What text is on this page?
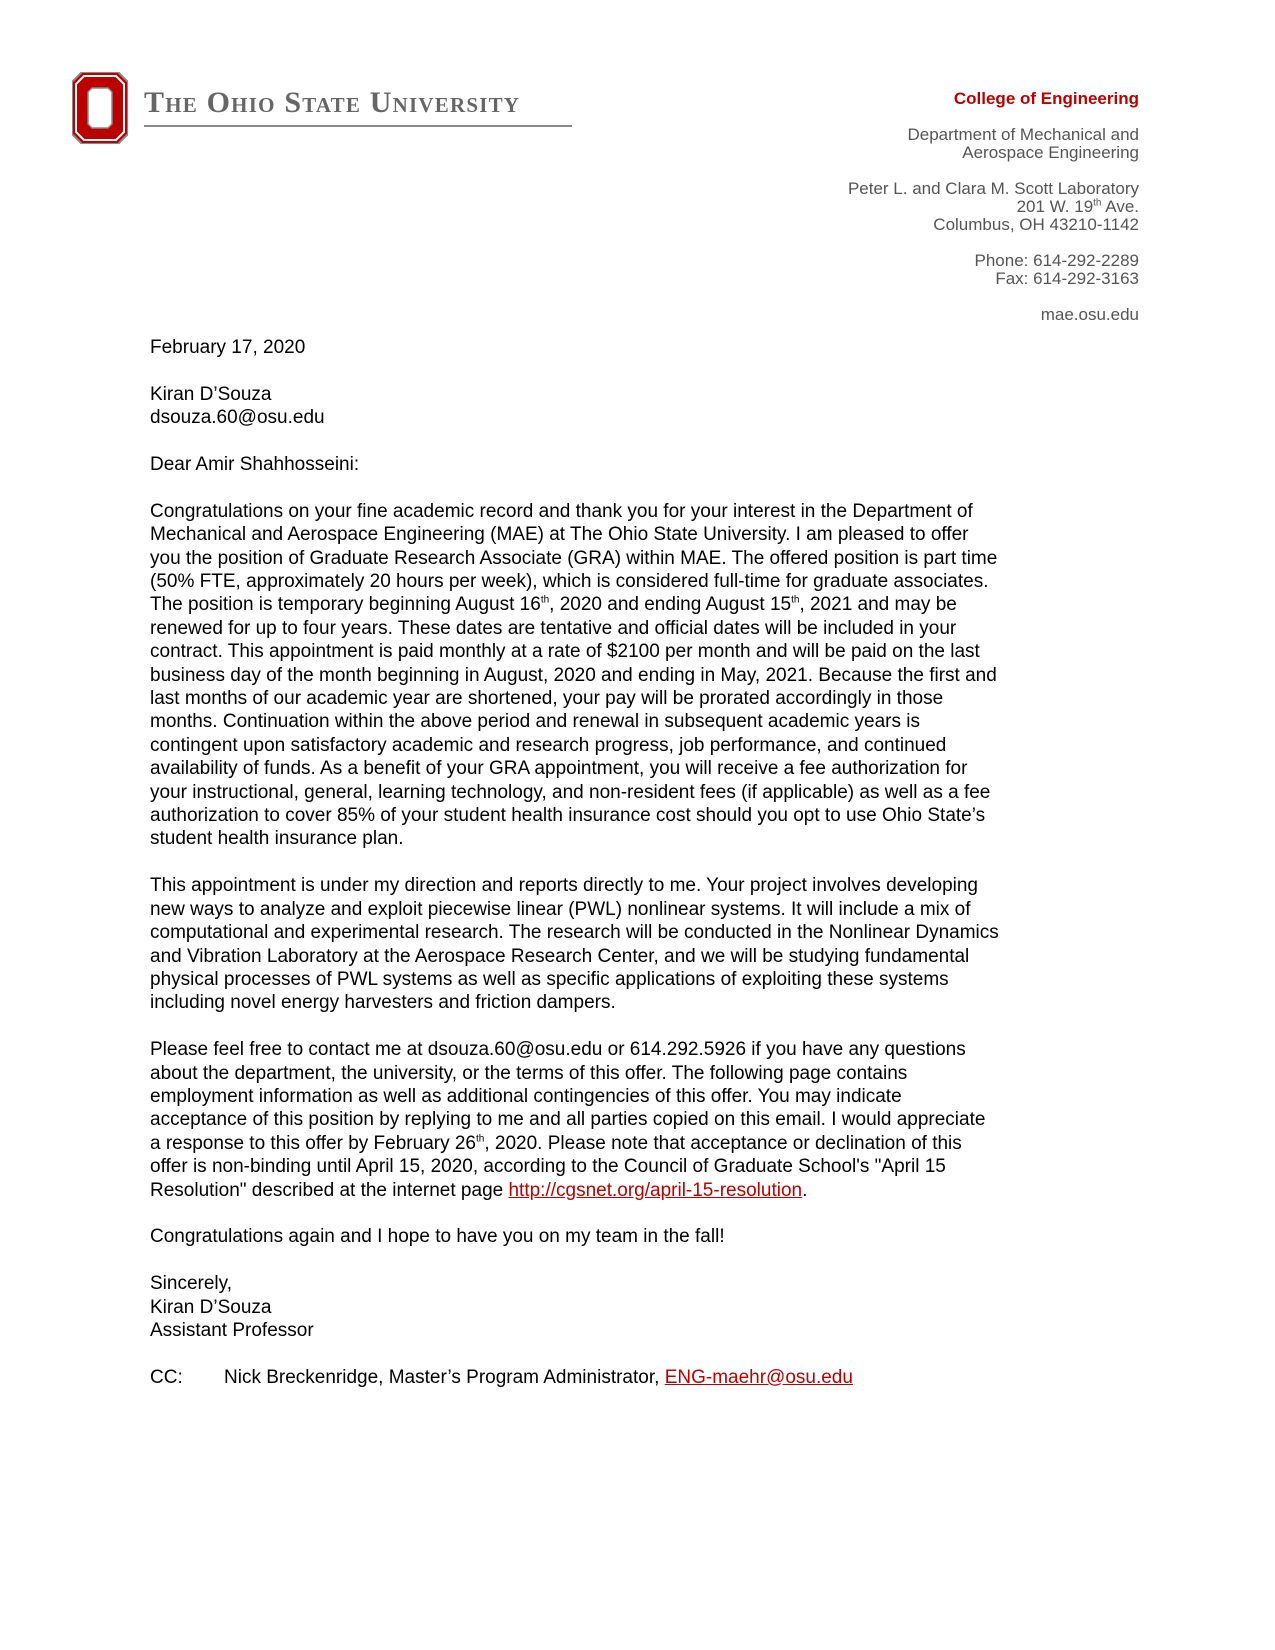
The Ohio State University	College of Engineering
Department of Mechanical and
Aerospace Engineering
Peter L. and Clara M. Scott Laboratory
201 W. 19th Ave.
Columbus, OH 43210-1142
Phone: 614-292-2289
Fax: 614-292-3163
mae.osu.edu
February 17, 2020
Kiran D’Souza
dsouza.60@osu.edu
Dear Amir Shahhosseini:
Congratulations on your fine academic record and thank you for your interest in the Department of
Mechanical and Aerospace Engineering (MAE) at The Ohio State University. I am pleased to offer
you the position of Graduate Research Associate (GRA) within MAE. The offered position is part time
(50% FTE, approximately 20 hours per week), which is considered full-time for graduate associates.
The position is temporary beginning August 16th, 2020 and ending August 15th, 2021 and may be
renewed for up to four years. These dates are tentative and official dates will be included in your
contract. This appointment is paid monthly at a rate of $2100 per month and will be paid on the last
business day of the month beginning in August, 2020 and ending in May, 2021. Because the first and
last months of our academic year are shortened, your pay will be prorated accordingly in those
months. Continuation within the above period and renewal in subsequent academic years is
contingent upon satisfactory academic and research progress, job performance, and continued
availability of funds. As a benefit of your GRA appointment, you will receive a fee authorization for
your instructional, general, learning technology, and non-resident fees (if applicable) as well as a fee
authorization to cover 85% of your student health insurance cost should you opt to use Ohio State’s
student health insurance plan.
This appointment is under my direction and reports directly to me. Your project involves developing
new ways to analyze and exploit piecewise linear (PWL) nonlinear systems. It will include a mix of
computational and experimental research. The research will be conducted in the Nonlinear Dynamics
and Vibration Laboratory at the Aerospace Research Center, and we will be studying fundamental
physical processes of PWL systems as well as specific applications of exploiting these systems
including novel energy harvesters and friction dampers.
Please feel free to contact me at dsouza.60@osu.edu or 614.292.5926 if you have any questions
about the department, the university, or the terms of this offer. The following page contains
employment information as well as additional contingencies of this offer. You may indicate
acceptance of this position by replying to me and all parties copied on this email. I would appreciate
a response to this offer by February 26th, 2020. Please note that acceptance or declination of this
offer is non-binding until April 15, 2020, according to the Council of Graduate School's "April 15
Resolution" described at the internet page http://cgsnet.org/april-15-resolution.
Congratulations again and I hope to have you on my team in the fall!
Sincerely,
Kiran D’Souza
Assistant Professor
CC:	Nick Breckenridge, Master’s Program Administrator, ENG-maehr@osu.edu
